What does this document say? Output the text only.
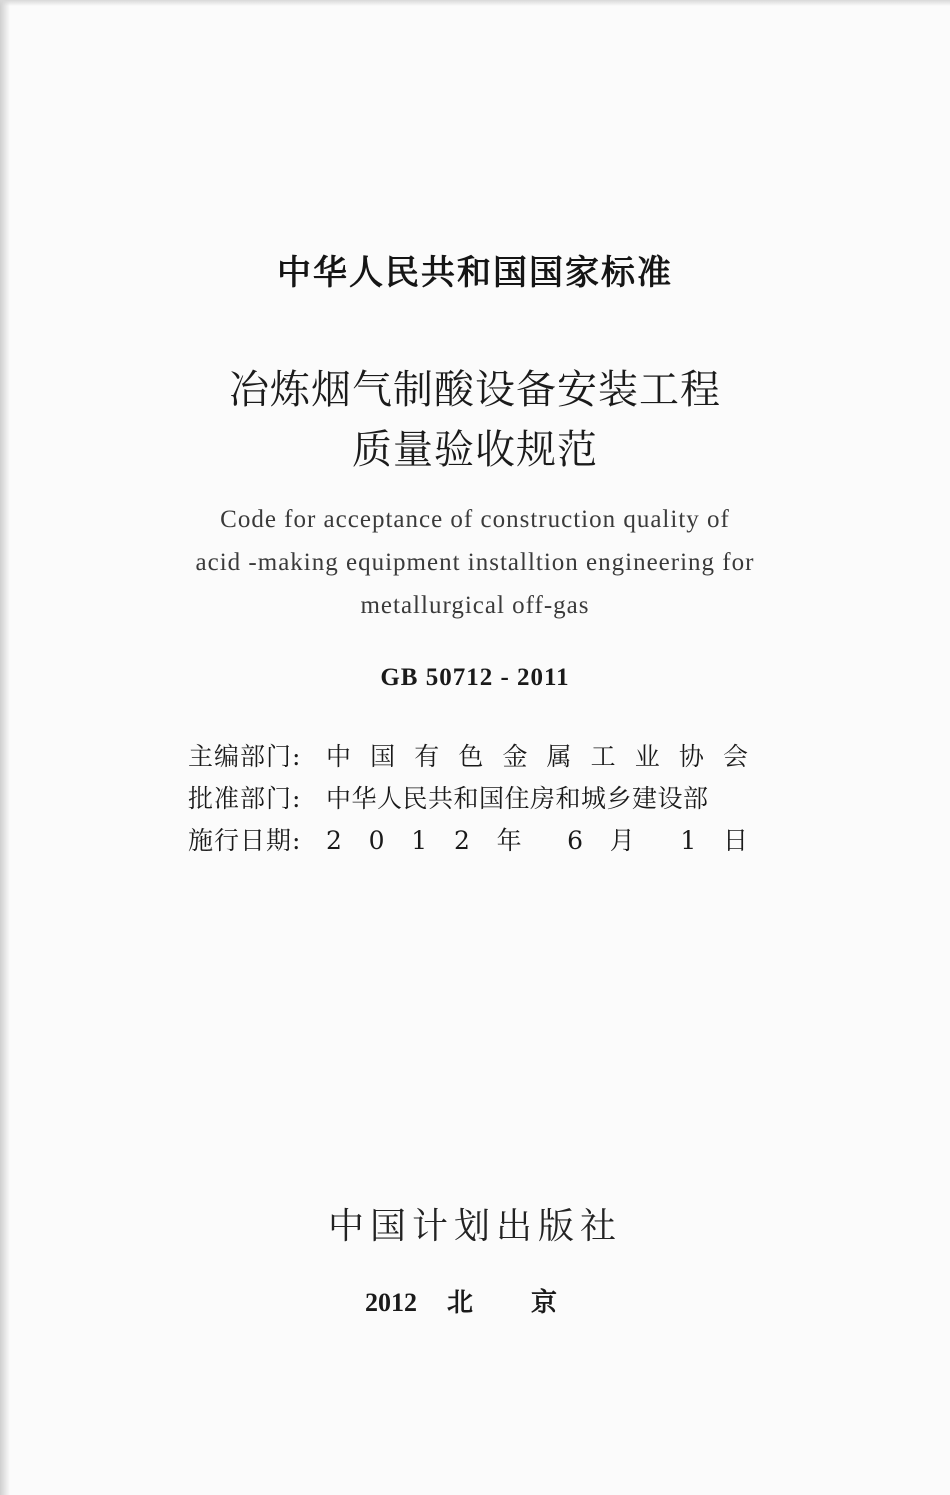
中华人民共和国国家标准
冶炼烟气制酸设备安装工程
质量验收规范
Code for acceptance of construction quality of
acid -making equipment installtion engineering for
metallurgical off-gas
GB 50712 - 2011
主编部门: 中 国 有 色 金 属 工 业 协 会
批准部门: 中华人民共和国住房和城乡建设部
施行日期: 2 0 1 2 年 6 月 1 日
中国计划出版社
2012 北 京
